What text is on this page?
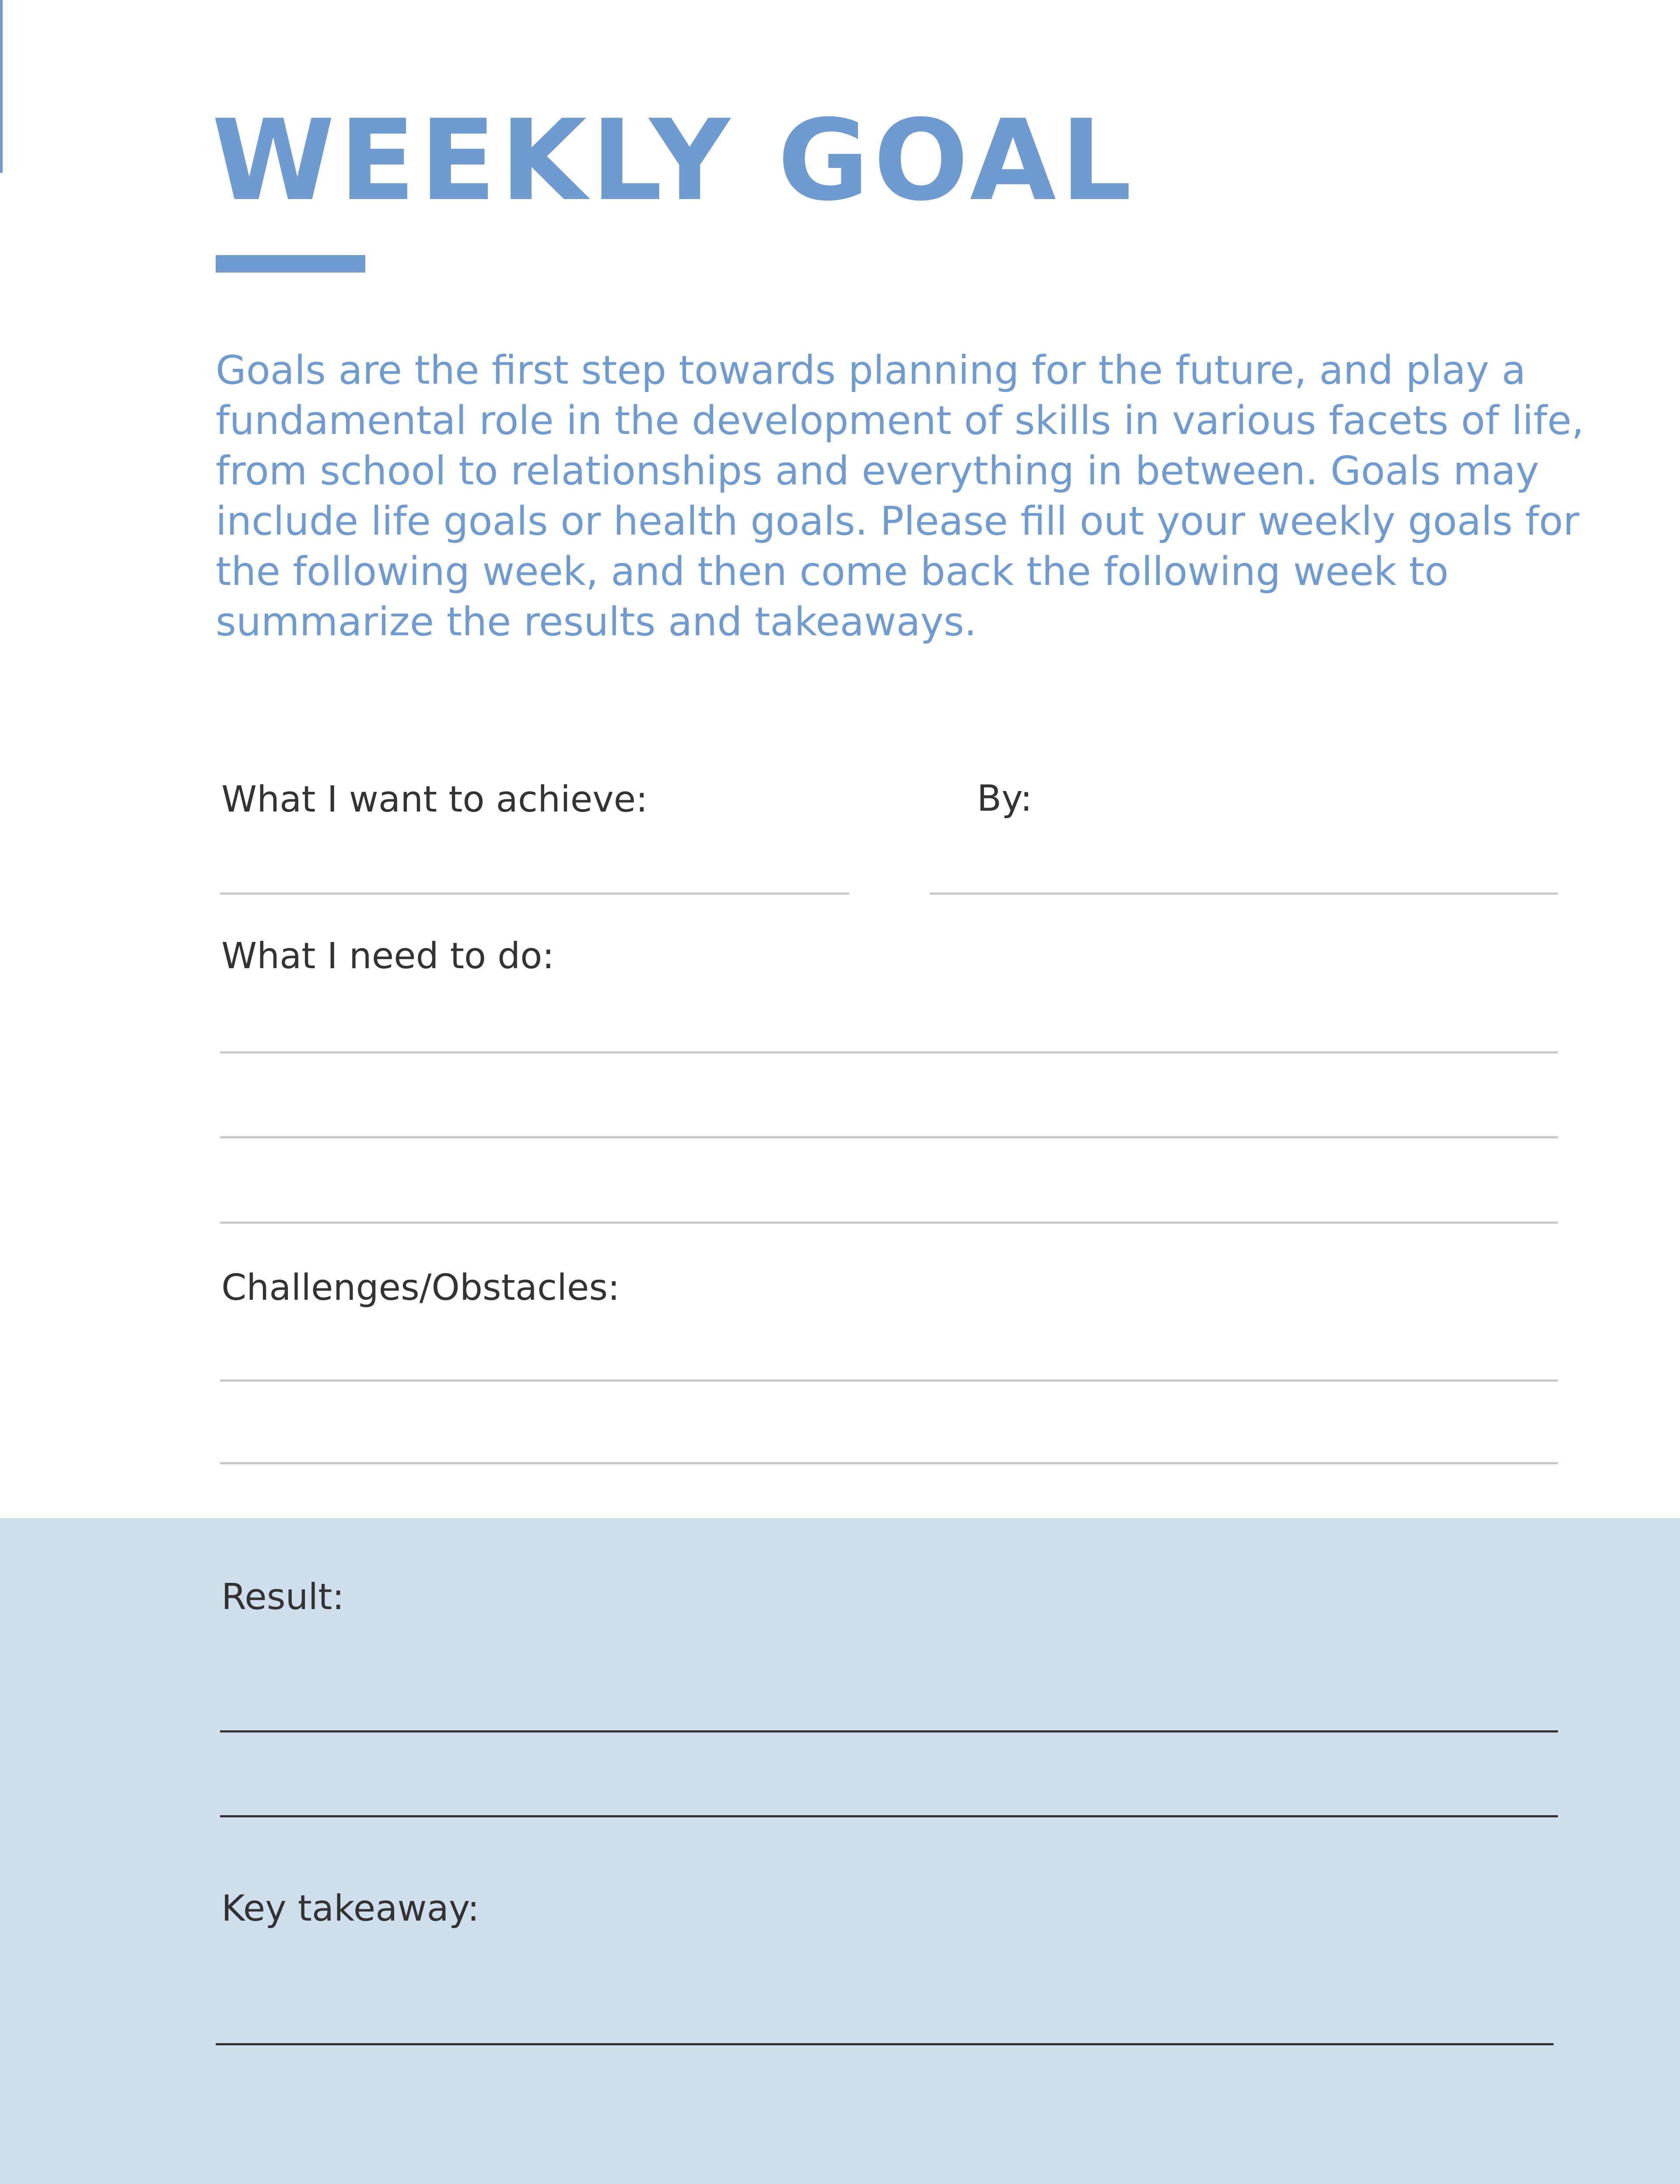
WEEKLY GOAL

Goals are the first step towards planning for the future, and play a fundamental role in the development of skills in various facets of life, from school to relationships and everything in between. Goals may include life goals or health goals. Please fill out your weekly goals for the following week, and then come back the following week to summarize the results and takeaways.

What I want to achieve:	By:

What I need to do:

Challenges/Obstacles:

Result:

Key takeaway:
